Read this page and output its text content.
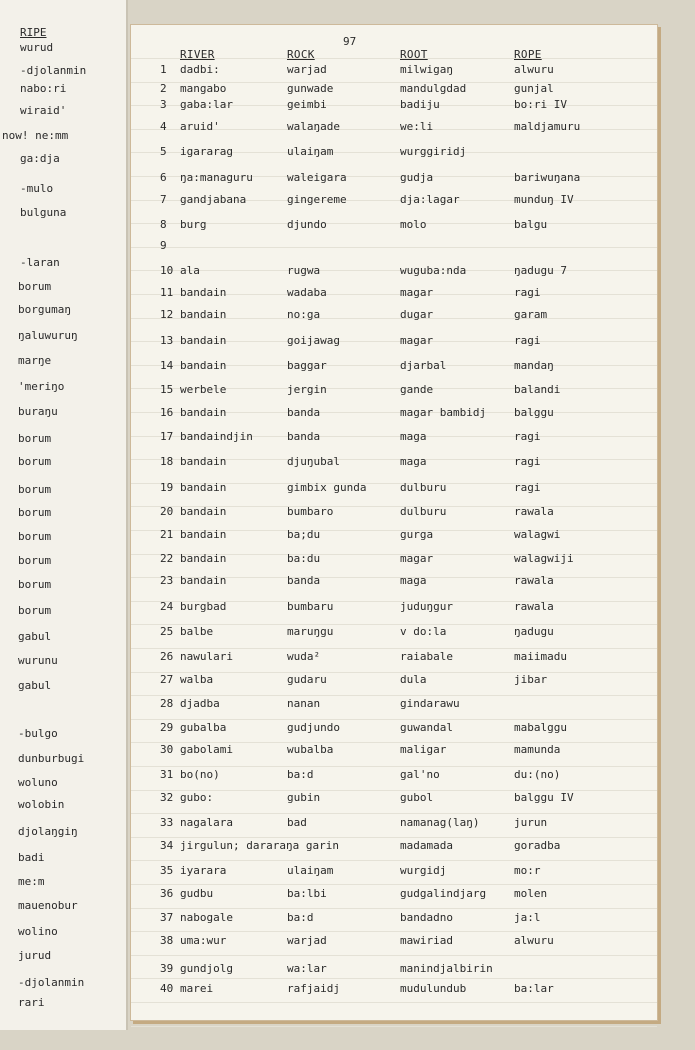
RIPE
wurud
-djolanmin
nabo:ri
wiraid'
now! ne:mm
ga:dja
-mulo
bulguna
-laran
borum
borgumaŋ
ŋaluwuruŋ
marŋe
'meriŋo
buraŋu
borum
borum
borum
borum
borum
borum
borum
borum
gabul
wurunu
gabul
-bulgo
dunburbugi
woluno
wolobin
djolaŋgiŋ
badi
me:m
mauenobur
wolino
jurud
-djolanmin
rari
97
RIVER	ROCK	ROOT	ROPE
1 dadbi:	warjad	milwigaŋ	alwuru
2 mangabo	gunwade	mandulgdad	gunjal
3 gaba:lar	geimbi	badiju	bo:ri IV
4 aruid'	walaŋade	we:li	maldjamuru
5 igararag	ulaiŋam	wurggiridj
6 ŋa:managuru	waleigara	gudja	bariwuŋana
7 gandjabana	gingereme	dja:lagar	munduŋ IV
8 burg	djundo	molo	balgu
9
10 ala	rugwa	wuguba:nda	ŋadugu 7
11 bandain	wadaba	magar	ragi
12 bandain	no:ga	dugar	garam
13 bandain	goijawag	magar	ragi
14 bandain	baggar	djarbal	mandaŋ
15 werbele	jergin	gande	balandi
16 bandain	banda	magar bambidj	balggu
17 bandaindjin	banda	maga	ragi
18 bandain	djuŋubal	maga	ragi
19 bandain	gimbix gunda	dulburu	ragi
20 bandain	bumbaro	dulburu	rawala
21 bandain	ba;du	gurga	walagwi
22 bandain	ba:du	magar	walagwiji
23 bandain	banda	maga	rawala
24 burgbad	bumbaru	juduŋgur	rawala
25 balbe	maruŋgu	v do:la	ŋadugu
26 nawulari	wuda²	raiabale	maiimadu
27 walba	gudaru	dula	jibar
28 djadba	nanan	gindarawu
29 gubalba	gudjundo	guwandal	mabalggu
30 gabolami	wubalba	maligar	mamunda
31 bo(no)	ba:d	gal'no	du:(no)
32 gubo:	gubin	gubol	balggu IV
33 nagalara	bad	namanag(laŋ)	jurun
34 jirgulun; dararaŋa garin	madamada	goradba
35 iyarara	ulaiŋam	wurgidj	mo:r
36 gudbu	ba:lbi	gudgalindjarg	molen
37 nabogale	ba:d	bandadno	ja:l
38 uma:wur	warjad	mawiriad	alwuru
39 gundjolg	wa:lar	manindjalbirin
40 marei	rafjaidj	mudulundub	ba:lar
